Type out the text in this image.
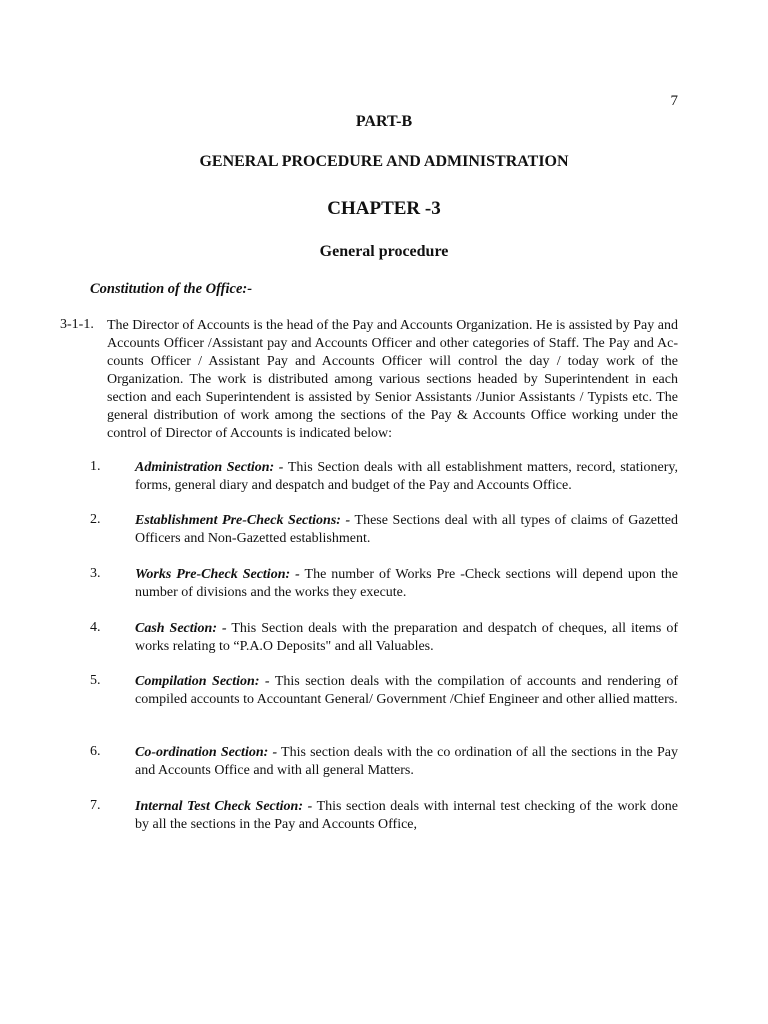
7
PART-B
GENERAL PROCEDURE AND ADMINISTRATION
CHAPTER -3
General procedure
Constitution of the Office:-
3-1-1. The Director of Accounts is the head of the Pay and Accounts Organization. He is assisted by Pay and Accounts Officer /Assistant pay and Accounts Officer and other categories of Staff. The Pay and Ac- counts Officer / Assistant Pay and Accounts Officer will control the day / today work of the Organization. The work is distributed among various sections headed by Superintendent in each section and each Superintendent is assisted by Senior Assistants /Junior Assistants / Typists etc. The general distribution of work among the sections of the Pay & Accounts Office working under the control of Director of Accounts is indicated below:
1. Administration Section: - This Section deals with all establishment matters, record, stationery, forms, general diary and despatch and budget of the Pay and Accounts Office.
2. Establishment Pre-Check Sections: - These Sections deal with all types of claims of Gazetted Officers and Non-Gazetted establishment.
3. Works Pre-Check Section: - The number of Works Pre -Check sections will depend upon the number of divisions and the works they execute.
4. Cash Section: - This Section deals with the preparation and despatch of cheques, all items of works relating to “P.A.O Deposits" and all Valuables.
5. Compilation Section: - This section deals with the compilation of accounts and rendering of compiled accounts to Accountant General/ Government /Chief Engineer and other allied matters.
6. Co-ordination Section: - This section deals with the co ordination of all the sections in the Pay and Accounts Office and with all general Matters.
7. Internal Test Check Section: - This section deals with internal test checking of the work done by all the sections in the Pay and Accounts Office,
